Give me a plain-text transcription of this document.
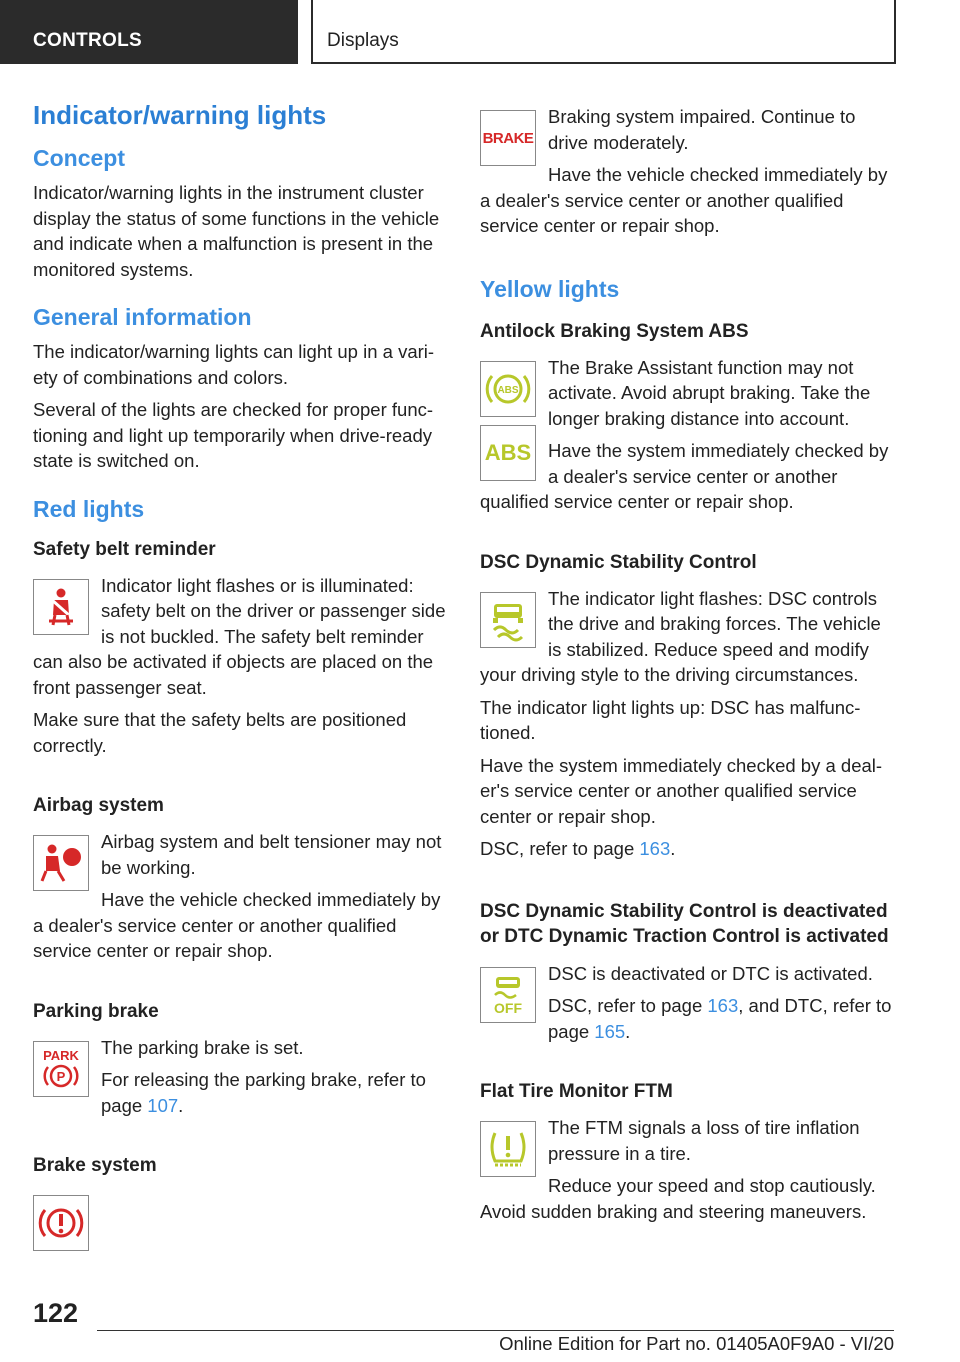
CONTROLS	Displays
Indicator/warning lights
Concept

Indicator/warning lights in the instrument cluster display the status of some functions in the vehicle and indicate when a malfunction is present in the monitored systems.

General information

The indicator/warning lights can light up in a variety of combinations and colors.

Several of the lights are checked for proper functioning and light up temporarily when drive-ready state is switched on.

Red lights
Safety belt reminder

Indicator light flashes or is illuminated: safety belt on the driver or passenger side is not buckled. The safety belt reminder can also be activated if objects are placed on the front passenger seat.

Make sure that the safety belts are positioned correctly.

Airbag system

Airbag system and belt tensioner may not be working.

Have the vehicle checked immediately by a dealer's service center or another qualified service center or repair shop.

Parking brake
PARK
P

The parking brake is set.

For releasing the parking brake, refer to page 107.

Brake system
BRAKE

Braking system impaired. Continue to drive moderately.

Have the vehicle checked immediately by a dealer's service center or another qualified service center or repair shop.

Yellow lights
Antilock Braking System ABS
ABS
ABS

The Brake Assistant function may not activate. Avoid abrupt braking. Take the longer braking distance into account.

Have the system immediately checked by a dealer's service center or another qualified service center or repair shop.

DSC Dynamic Stability Control

The indicator light flashes: DSC controls the drive and braking forces. The vehicle is stabilized. Reduce speed and modify your driving style to the driving circumstances.

The indicator light lights up: DSC has malfunctioned.

Have the system immediately checked by a dealer's service center or another qualified service center or repair shop.

DSC, refer to page 163.

DSC Dynamic Stability Control is deactivated or DTC Dynamic Traction Control is activated
OFF

DSC is deactivated or DTC is activated.

DSC, refer to page 163, and DTC, refer to page 165.

Flat Tire Monitor FTM

The FTM signals a loss of tire inflation pressure in a tire.

Reduce your speed and stop cautiously. Avoid sudden braking and steering maneuvers.

122
Online Edition for Part no. 01405A0F9A0 - VI/20
